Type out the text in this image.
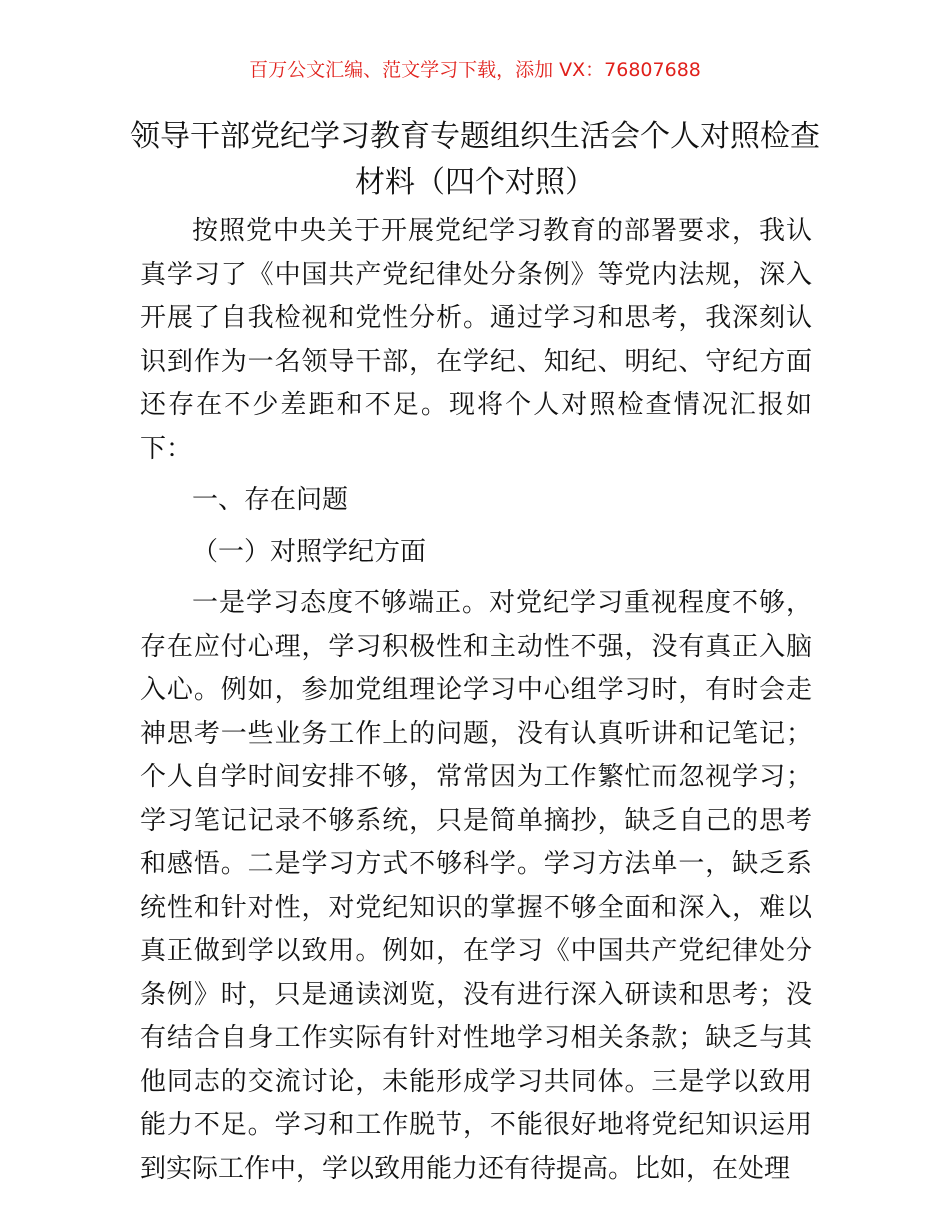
百万公文汇编、范文学习下载，添加 VX：76807688
领导干部党纪学习教育专题组织生活会个人对照检查材料（四个对照）

按照党中央关于开展党纪学习教育的部署要求，我认真学习了《中国共产党纪律处分条例》等党内法规，深入开展了自我检视和党性分析。通过学习和思考，我深刻认识到作为一名领导干部，在学纪、知纪、明纪、守纪方面还存在不少差距和不足。现将个人对照检查情况汇报如下：

一、存在问题

（一）对照学纪方面

一是学习态度不够端正。对党纪学习重视程度不够，存在应付心理，学习积极性和主动性不强，没有真正入脑入心。例如，参加党组理论学习中心组学习时，有时会走神思考一些业务工作上的问题，没有认真听讲和记笔记；个人自学时间安排不够，常常因为工作繁忙而忽视学习；学习笔记记录不够系统，只是简单摘抄，缺乏自己的思考和感悟。二是学习方式不够科学。学习方法单一，缺乏系统性和针对性，对党纪知识的掌握不够全面和深入，难以真正做到学以致用。例如，在学习《中国共产党纪律处分条例》时，只是通读浏览，没有进行深入研读和思考；没有结合自身工作实际有针对性地学习相关条款；缺乏与其他同志的交流讨论，未能形成学习共同体。三是学以致用能力不足。学习和工作脱节，不能很好地将党纪知识运用到实际工作中，学以致用能力还有待提高。比如，在处理
